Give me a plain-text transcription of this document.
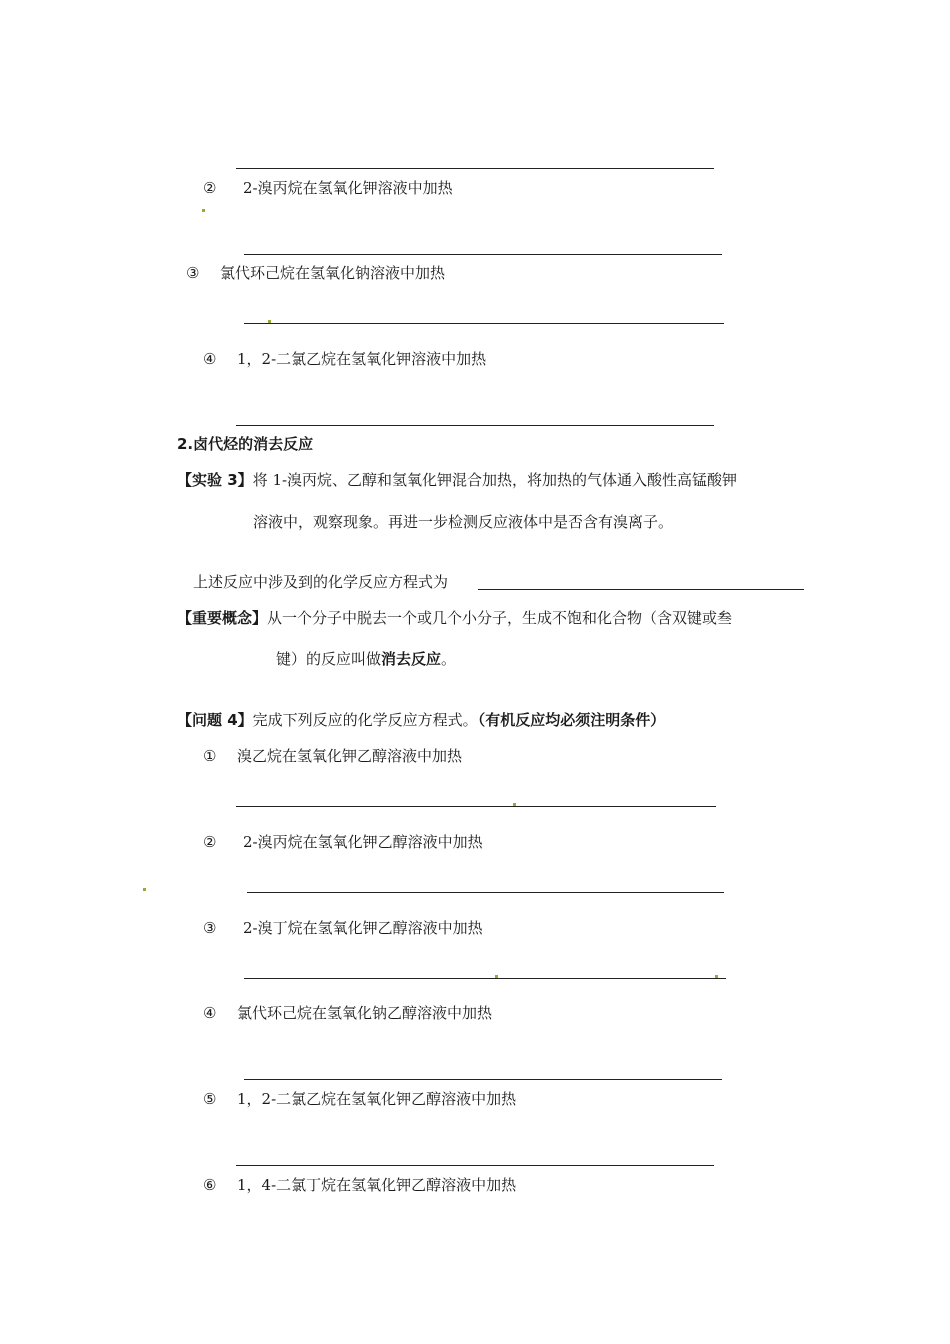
② 2-溴丙烷在氢氧化钾溶液中加热
③ 氯代环己烷在氢氧化钠溶液中加热
④ 1，2-二氯乙烷在氢氧化钾溶液中加热
2.卤代烃的消去反应
【实验 3】将 1-溴丙烷、乙醇和氢氧化钾混合加热，将加热的气体通入酸性高锰酸钾
溶液中，观察现象。再进一步检测反应液体中是否含有溴离子。
上述反应中涉及到的化学反应方程式为
【重要概念】从一个分子中脱去一个或几个小分子，生成不饱和化合物（含双键或叁
键）的反应叫做消去反应。
【问题 4】完成下列反应的化学反应方程式。（有机反应均必须注明条件）
① 溴乙烷在氢氧化钾乙醇溶液中加热
② 2-溴丙烷在氢氧化钾乙醇溶液中加热
③ 2-溴丁烷在氢氧化钾乙醇溶液中加热
④ 氯代环己烷在氢氧化钠乙醇溶液中加热
⑤ 1，2-二氯乙烷在氢氧化钾乙醇溶液中加热
⑥ 1，4-二氯丁烷在氢氧化钾乙醇溶液中加热
